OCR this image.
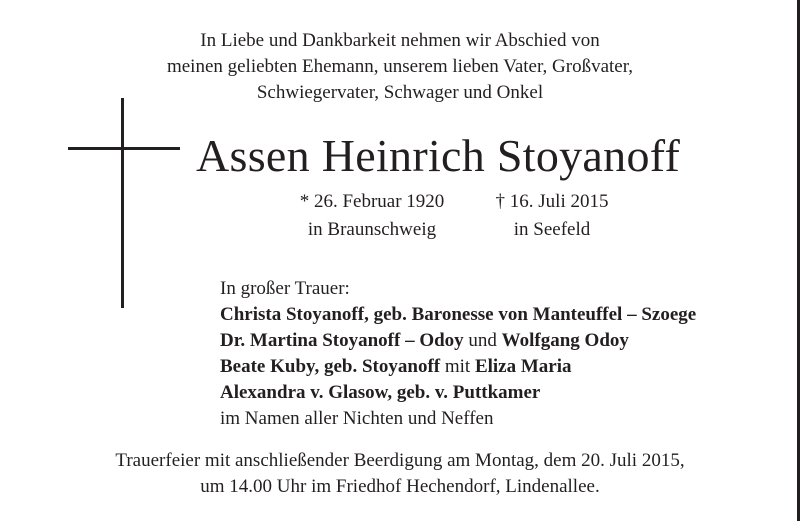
In Liebe und Dankbarkeit nehmen wir Abschied von
meinen geliebten Ehemann, unserem lieben Vater, Großvater,
Schwiegervater, Schwager und Onkel
Assen Heinrich Stoyanoff
* 26. Februar 1920
in Braunschweig
† 16. Juli 2015
in Seefeld
In großer Trauer:
Christa Stoyanoff, geb. Baronesse von Manteuffel – Szoege
Dr. Martina Stoyanoff – Odoy und Wolfgang Odoy
Beate Kuby, geb. Stoyanoff mit Eliza Maria
Alexandra v. Glasow, geb. v. Puttkamer
im Namen aller Nichten und Neffen
Trauerfeier mit anschließender Beerdigung am Montag, dem 20. Juli 2015,
um 14.00 Uhr im Friedhof Hechendorf, Lindenallee.
